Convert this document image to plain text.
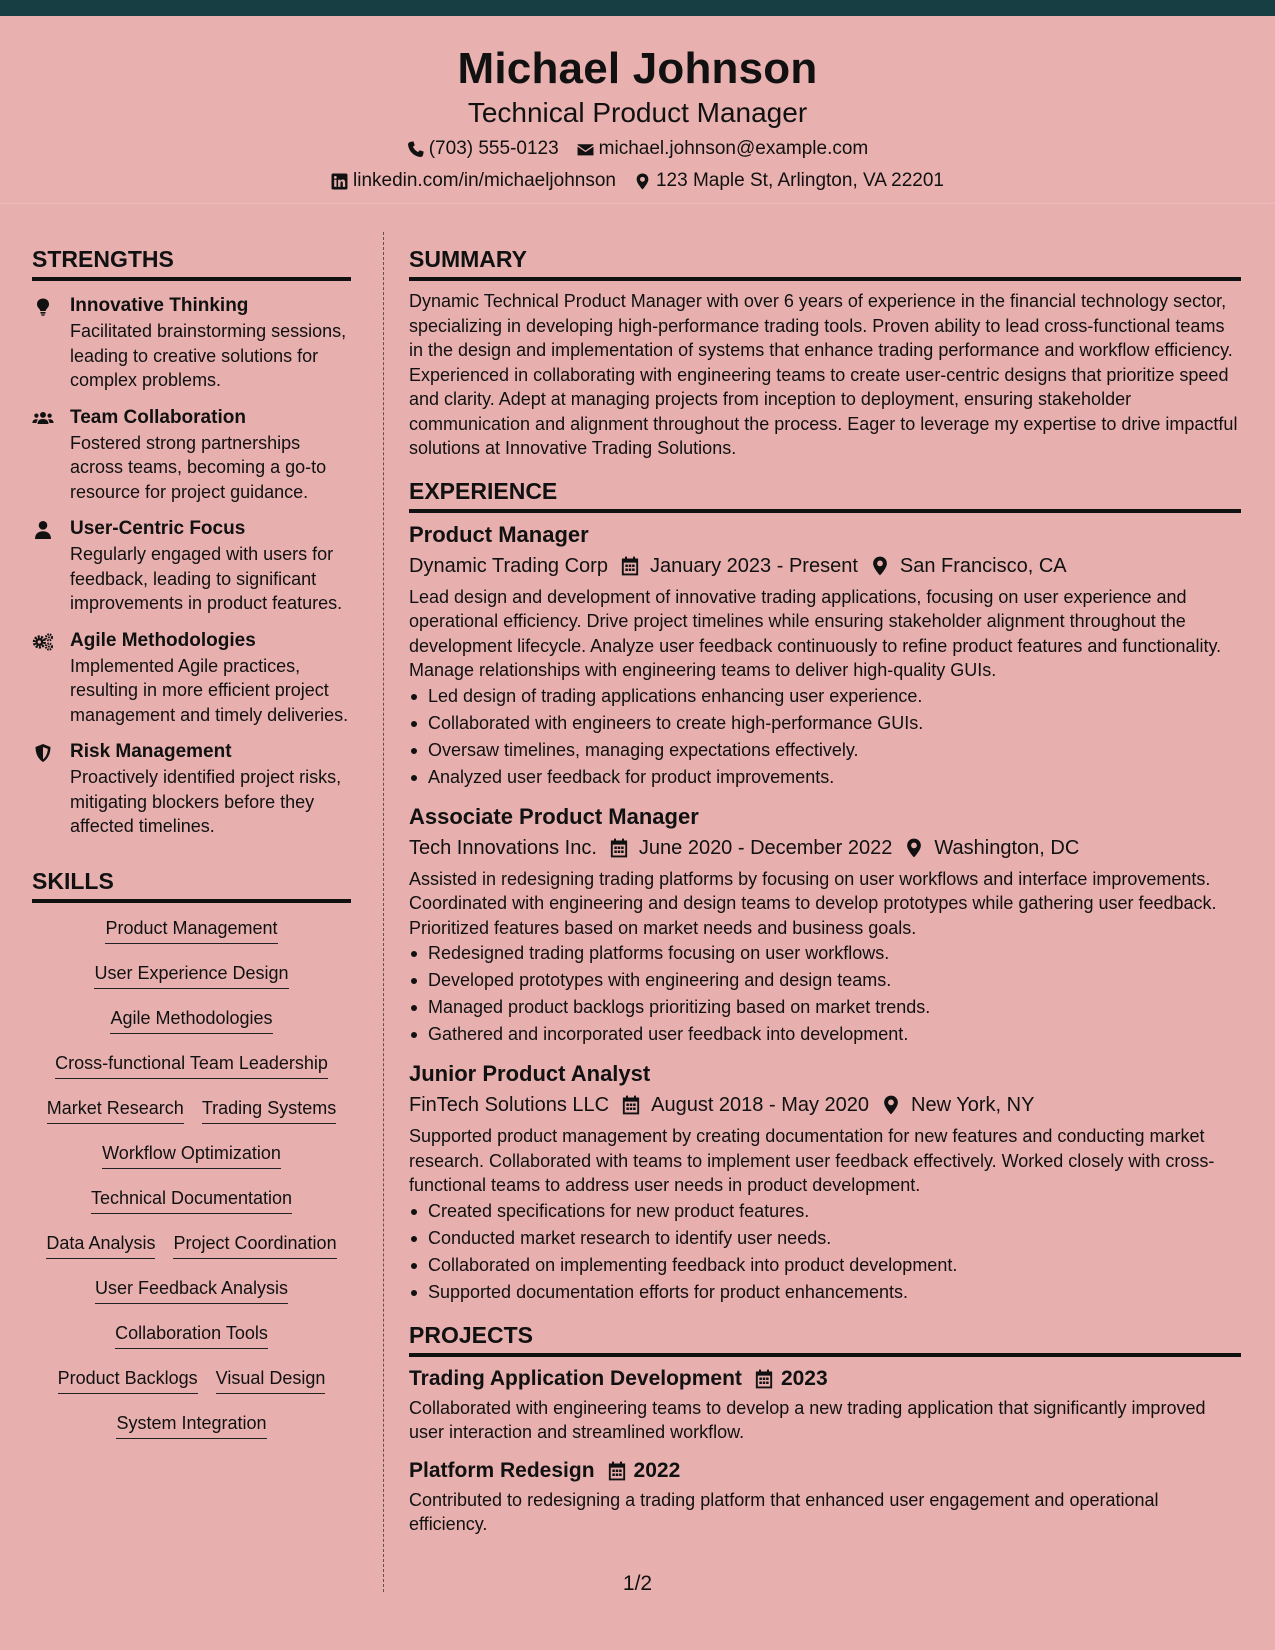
Michael Johnson
Technical Product Manager
(703) 555-0123 michael.johnson@example.com
linkedin.com/in/michaeljohnson 123 Maple St, Arlington, VA 22201
STRENGTHS
Innovative Thinking
Facilitated brainstorming sessions, leading to creative solutions for complex problems.
Team Collaboration
Fostered strong partnerships across teams, becoming a go-to resource for project guidance.
User-Centric Focus
Regularly engaged with users for feedback, leading to significant improvements in product features.
Agile Methodologies
Implemented Agile practices, resulting in more efficient project management and timely deliveries.
Risk Management
Proactively identified project risks, mitigating blockers before they affected timelines.
SKILLS
Product Management
User Experience Design
Agile Methodologies
Cross-functional Team Leadership
Market Research Trading Systems
Workflow Optimization
Technical Documentation
Data Analysis Project Coordination
User Feedback Analysis
Collaboration Tools
Product Backlogs Visual Design
System Integration
SUMMARY
Dynamic Technical Product Manager with over 6 years of experience in the financial technology sector, specializing in developing high-performance trading tools. Proven ability to lead cross-functional teams in the design and implementation of systems that enhance trading performance and workflow efficiency. Experienced in collaborating with engineering teams to create user-centric designs that prioritize speed and clarity. Adept at managing projects from inception to deployment, ensuring stakeholder communication and alignment throughout the process. Eager to leverage my expertise to drive impactful solutions at Innovative Trading Solutions.
EXPERIENCE
Product Manager
Dynamic Trading Corp January 2023 - Present San Francisco, CA
Lead design and development of innovative trading applications, focusing on user experience and operational efficiency. Drive project timelines while ensuring stakeholder alignment throughout the development lifecycle. Analyze user feedback continuously to refine product features and functionality. Manage relationships with engineering teams to deliver high-quality GUIs.
Led design of trading applications enhancing user experience.
Collaborated with engineers to create high-performance GUIs.
Oversaw timelines, managing expectations effectively.
Analyzed user feedback for product improvements.
Associate Product Manager
Tech Innovations Inc. June 2020 - December 2022 Washington, DC
Assisted in redesigning trading platforms by focusing on user workflows and interface improvements. Coordinated with engineering and design teams to develop prototypes while gathering user feedback. Prioritized features based on market needs and business goals.
Redesigned trading platforms focusing on user workflows.
Developed prototypes with engineering and design teams.
Managed product backlogs prioritizing based on market trends.
Gathered and incorporated user feedback into development.
Junior Product Analyst
FinTech Solutions LLC August 2018 - May 2020 New York, NY
Supported product management by creating documentation for new features and conducting market research. Collaborated with teams to implement user feedback effectively. Worked closely with cross-functional teams to address user needs in product development.
Created specifications for new product features.
Conducted market research to identify user needs.
Collaborated on implementing feedback into product development.
Supported documentation efforts for product enhancements.
PROJECTS
Trading Application Development 2023
Collaborated with engineering teams to develop a new trading application that significantly improved user interaction and streamlined workflow.
Platform Redesign 2022
Contributed to redesigning a trading platform that enhanced user engagement and operational efficiency.
1/2
